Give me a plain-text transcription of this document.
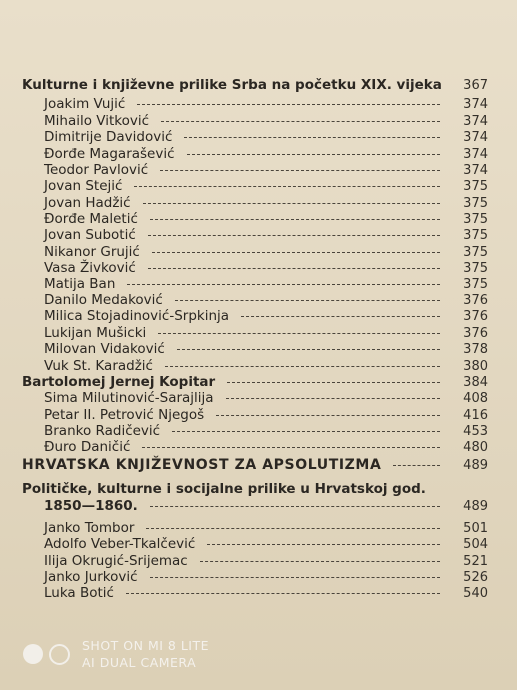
Kulturne i književne prilike Srba na početku XIX. vijeka 367
Joakim Vujić	374
Mihailo Vitković	374
Dimitrije Davidović	374
Đorđe Magarašević	374
Teodor Pavlović	374
Jovan Stejić	375
Jovan Hadžić	375
Đorđe Maletić	375
Jovan Subotić	375
Nikanor Grujić	375
Vasa Živković	375
Matija Ban	375
Danilo Medaković	376
Milica Stojadinović-Srpkinja	376
Lukijan Mušicki	376
Milovan Vidaković	378
Vuk St. Karadžić	380
Bartolomej Jernej Kopitar	384
Sima Milutinović-Sarajlija	408
Petar II. Petrović Njegoš	416
Branko Radičević	453
Đuro Daničić	480
HRVATSKA KNJIŽEVNOST ZA APSOLUTIZMA	489
Političke, kulturne i socijalne prilike u Hrvatskoj god.
1850—1860.	489
Janko Tombor	501
Adolfo Veber-Tkalčević	504
Ilija Okrugić-Srijemac	521
Janko Jurković	526
Luka Botić	540
SHOT ON MI 8 LITE
AI DUAL CAMERA
